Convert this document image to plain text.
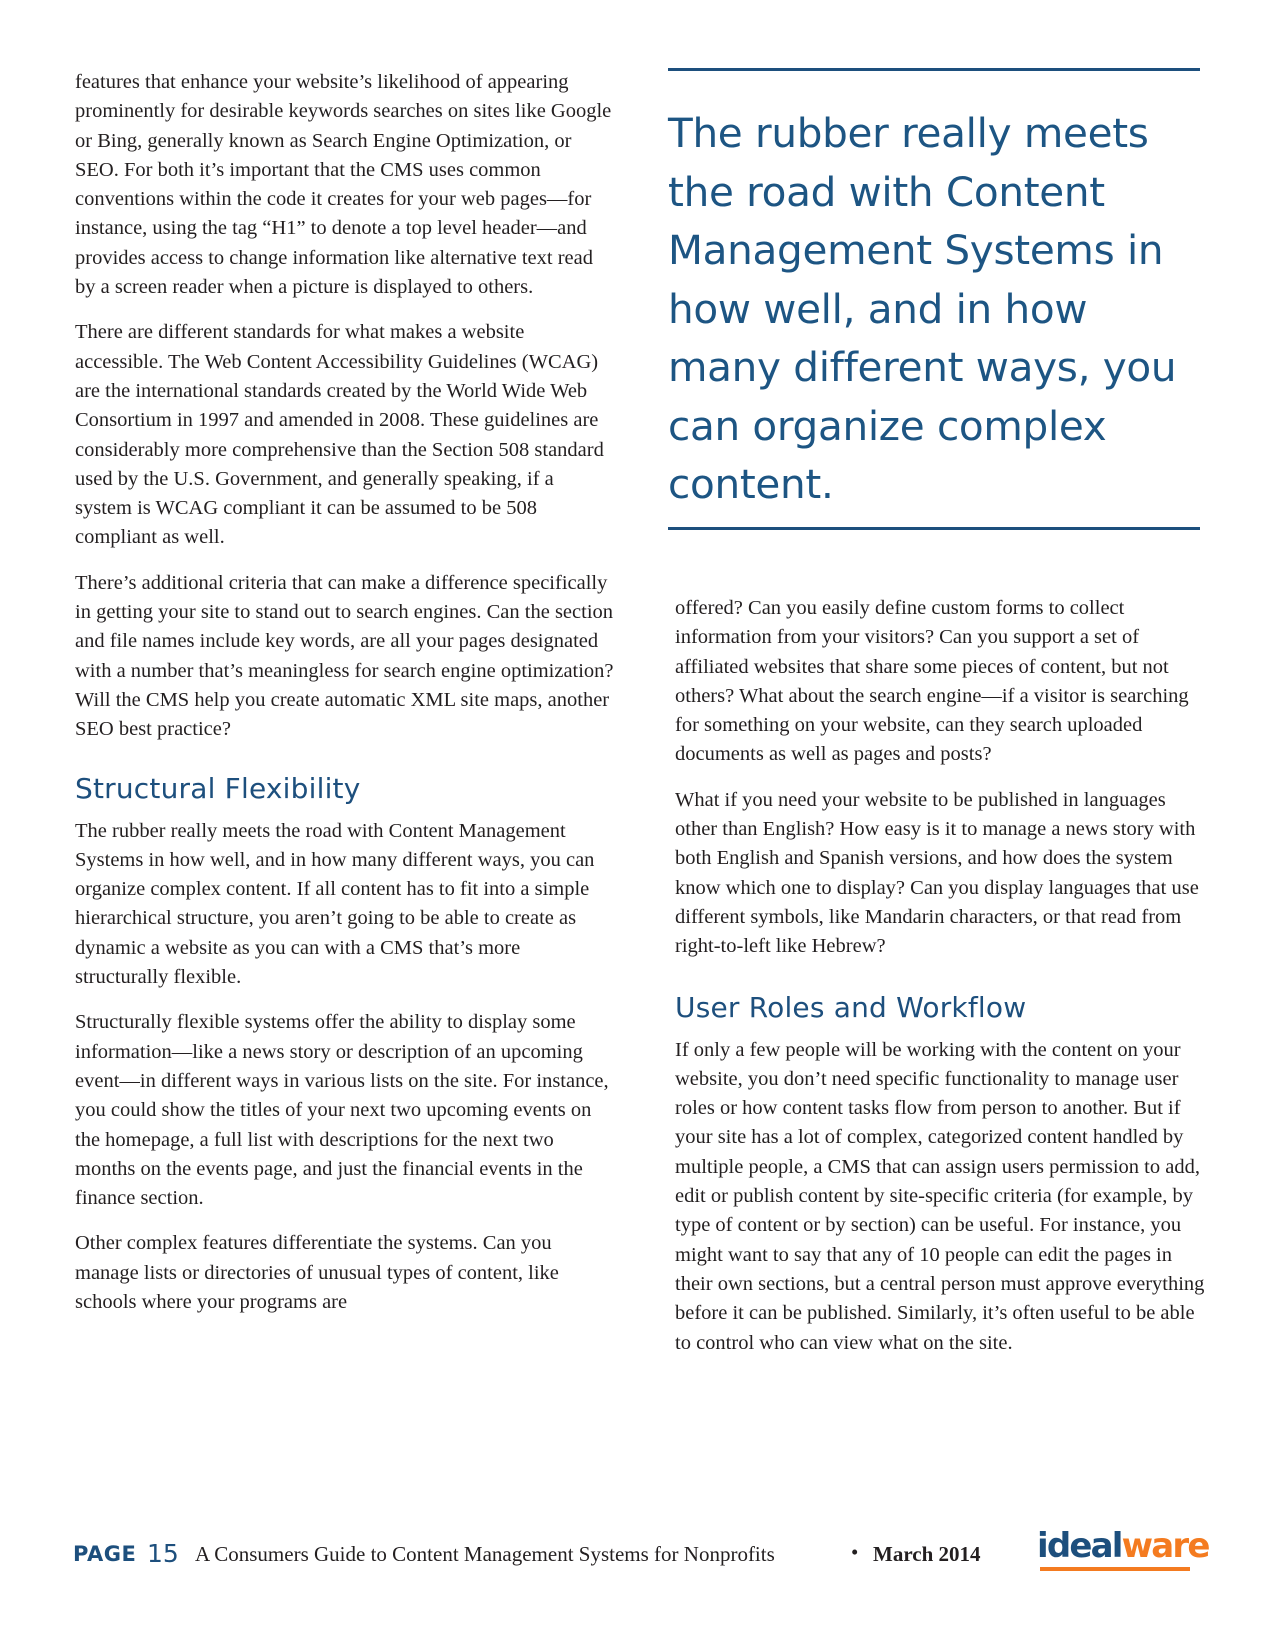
features that enhance your website’s likelihood of appearing prominently for desirable keywords searches on sites like Google or Bing, generally known as Search Engine Optimization, or SEO. For both it’s important that the CMS uses common conventions within the code it creates for your web pages—for instance, using the tag “H1” to denote a top level header—and provides access to change information like alternative text read by a screen reader when a picture is displayed to others.

There are different standards for what makes a website accessible. The Web Content Accessibility Guidelines (WCAG) are the international standards created by the World Wide Web Consortium in 1997 and amended in 2008. These guidelines are considerably more comprehensive than the Section 508 standard used by the U.S. Government, and generally speaking, if a system is WCAG compliant it can be assumed to be 508 compliant as well.

There’s additional criteria that can make a difference specifically in getting your site to stand out to search engines. Can the section and file names include key words, are all your pages designated with a number that’s meaningless for search engine optimization? Will the CMS help you create automatic XML site maps, another SEO best practice?

Structural Flexibility

The rubber really meets the road with Content Management Systems in how well, and in how many different ways, you can organize complex content. If all content has to fit into a simple hierarchical structure, you aren’t going to be able to create as dynamic a website as you can with a CMS that’s more structurally flexible.

Structurally flexible systems offer the ability to display some information—like a news story or description of an upcoming event—in different ways in various lists on the site. For instance, you could show the titles of your next two upcoming events on the homepage, a full list with descriptions for the next two months on the events page, and just the financial events in the finance section.

Other complex features differentiate the systems. Can you manage lists or directories of unusual types of content, like schools where your programs are

The rubber really meets the road with Content Management Systems in how well, and in how many different ways, you can organize complex content.

offered? Can you easily define custom forms to collect information from your visitors? Can you support a set of affiliated websites that share some pieces of content, but not others? What about the search engine—if a visitor is searching for something on your website, can they search uploaded documents as well as pages and posts?

What if you need your website to be published in languages other than English? How easy is it to manage a news story with both English and Spanish versions, and how does the system know which one to display? Can you display languages that use different symbols, like Mandarin characters, or that read from right-to-left like Hebrew?

User Roles and Workflow

If only a few people will be working with the content on your website, you don’t need specific functionality to manage user roles or how content tasks flow from person to another. But if your site has a lot of complex, categorized content handled by multiple people, a CMS that can assign users permission to add, edit or publish content by site-specific criteria (for example, by type of content or by section) can be useful. For instance, you might want to say that any of 10 people can edit the pages in their own sections, but a central person must approve everything before it can be published. Similarly, it’s often useful to be able to control who can view what on the site.

PAGE 15 A Consumers Guide to Content Management Systems for Nonprofits	• March 2014 idealware
